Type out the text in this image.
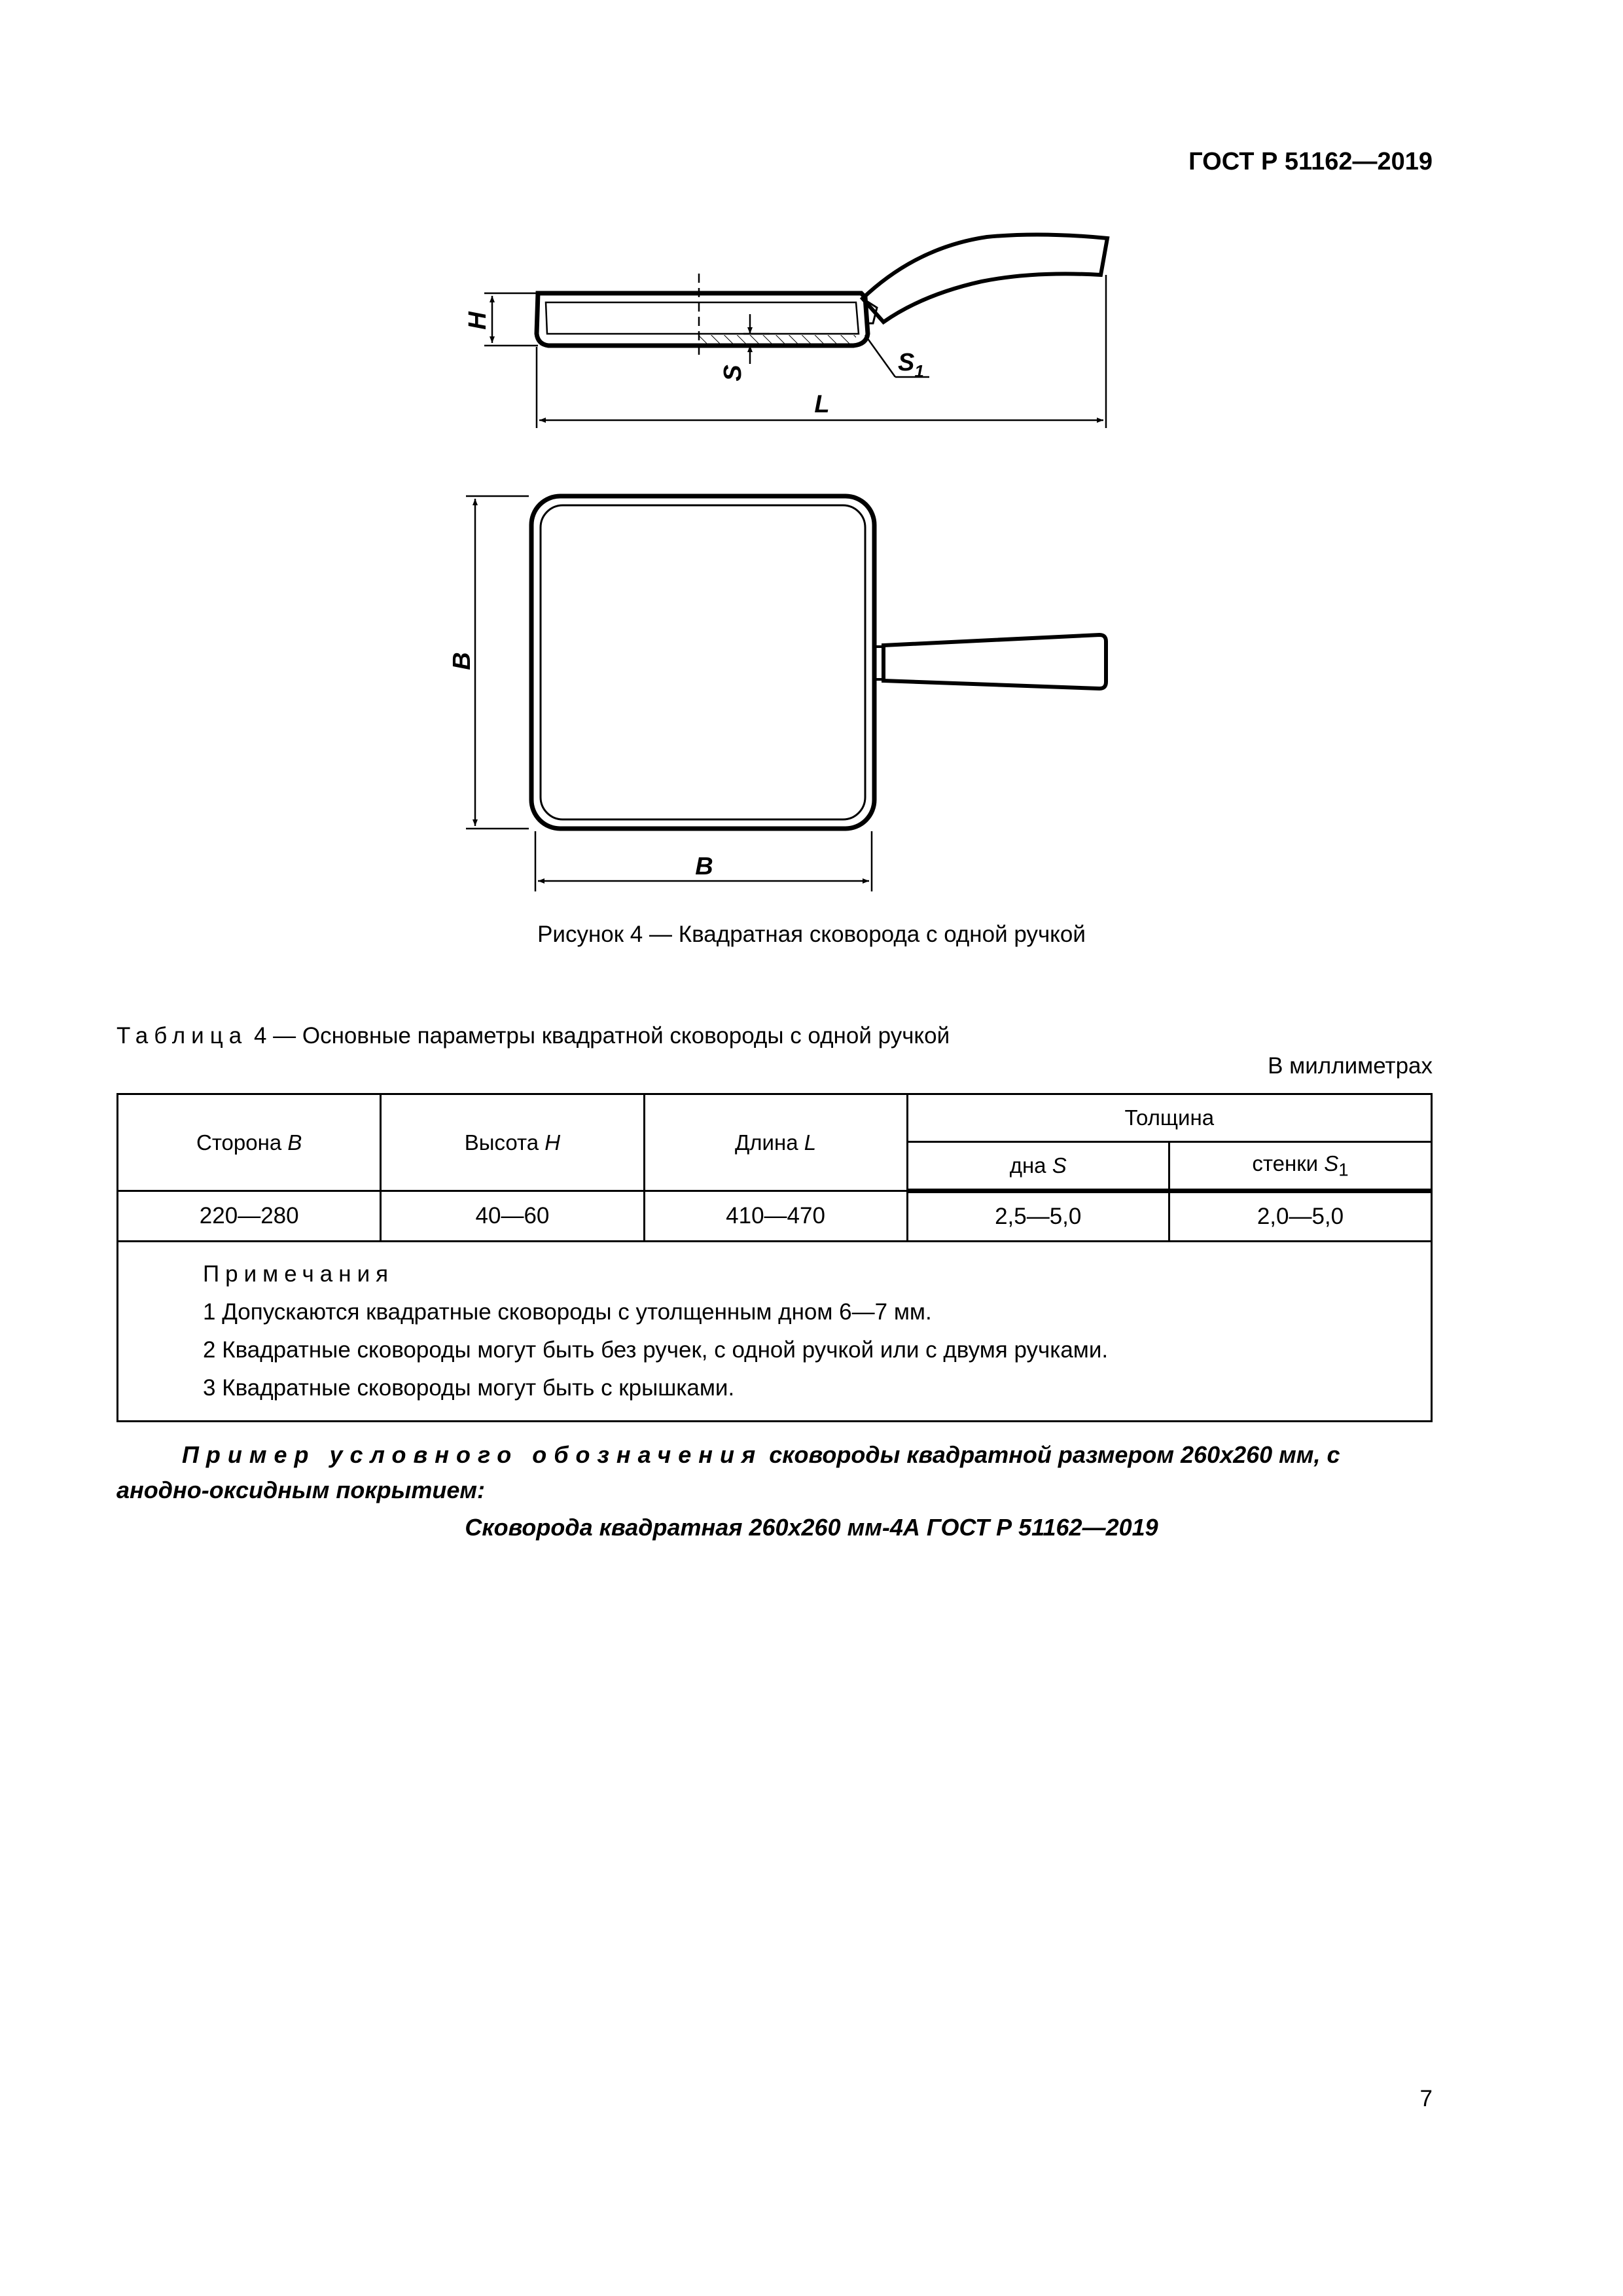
ГОСТ Р 51162—2019
H
S	$S_1$
L
B
B
Рисунок 4 — Квадратная сковорода с одной ручкой
Таблица 4 — Основные параметры квадратной сковороды с одной ручкой
В миллиметрах
Сторона B	Высота H	Длина L	Толщина	
			дна S	стенки $S_1$
220—280	40—60	410—470	2,5—5,0	2,0—5,0

Примечания
1 Допускаются квадратные сковороды с утолщенным дном 6—7 мм.
2 Квадратные сковороды могут быть без ручек, с одной ручкой или с двумя ручками.
3 Квадратные сковороды могут быть с крышками.				
Пример условного обозначения сковороды квадратной размером 260х260 мм, с анодно-оксидным покрытием:
Сковорода квадратная 260х260 мм-4А ГОСТ Р 51162—2019
7
